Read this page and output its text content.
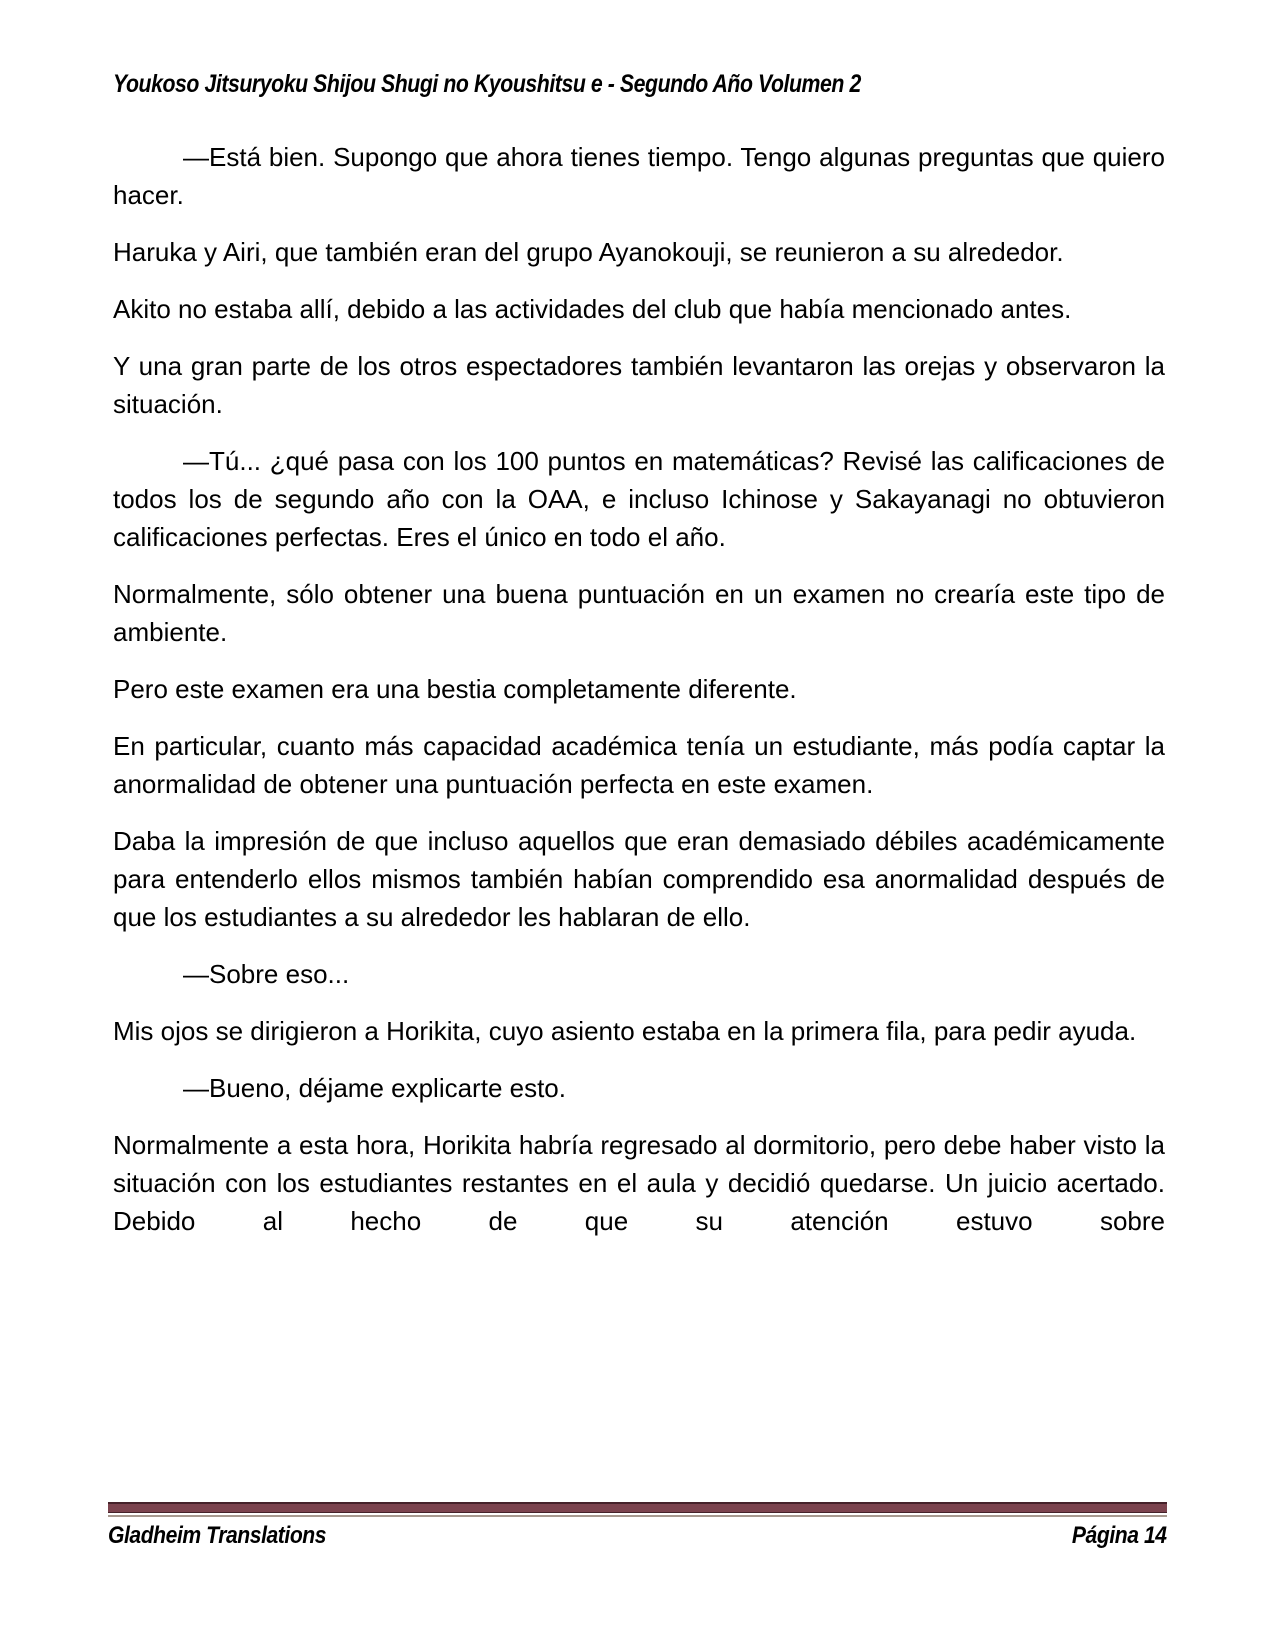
Youkoso Jitsuryoku Shijou Shugi no Kyoushitsu e - Segundo Año Volumen 2

—Está bien. Supongo que ahora tienes tiempo. Tengo algunas preguntas que quiero hacer.

Haruka y Airi, que también eran del grupo Ayanokouji, se reunieron a su alrededor.

Akito no estaba allí, debido a las actividades del club que había mencionado antes.

Y una gran parte de los otros espectadores también levantaron las orejas y observaron la situación.

—Tú... ¿qué pasa con los 100 puntos en matemáticas? Revisé las calificaciones de todos los de segundo año con la OAA, e incluso Ichinose y Sakayanagi no obtuvieron calificaciones perfectas. Eres el único en todo el año.

Normalmente, sólo obtener una buena puntuación en un examen no crearía este tipo de ambiente.

Pero este examen era una bestia completamente diferente.

En particular, cuanto más capacidad académica tenía un estudiante, más podía captar la anormalidad de obtener una puntuación perfecta en este examen.

Daba la impresión de que incluso aquellos que eran demasiado débiles académicamente para entenderlo ellos mismos también habían comprendido esa anormalidad después de que los estudiantes a su alrededor les hablaran de ello.

—Sobre eso...

Mis ojos se dirigieron a Horikita, cuyo asiento estaba en la primera fila, para pedir ayuda.

—Bueno, déjame explicarte esto.

Normalmente a esta hora, Horikita habría regresado al dormitorio, pero debe haber visto la situación con los estudiantes restantes en el aula y decidió quedarse. Un juicio acertado. Debido al hecho de que su atención estuvo sobre

Gladheim Translations	Página 14
